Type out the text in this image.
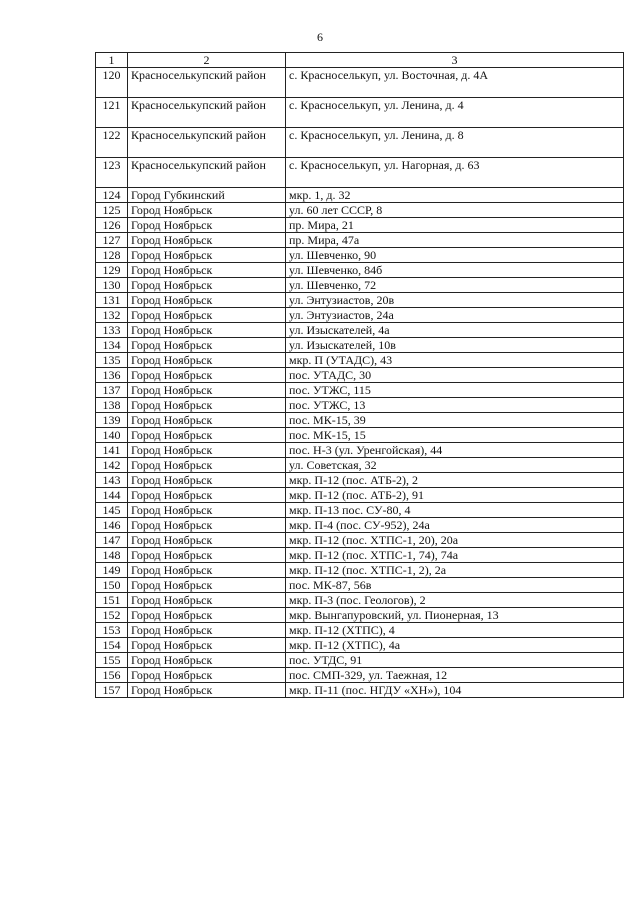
6
1	2	3
120	Красноселькупский район	с. Красноселькуп, ул. Восточная, д. 4А
121	Красноселькупский район	с. Красноселькуп, ул. Ленина, д. 4
122	Красноселькупский район	с. Красноселькуп, ул. Ленина, д. 8
123	Красноселькупский район	с. Красноселькуп, ул. Нагорная, д. 63
124	Город Губкинский	мкр. 1, д. 32
125	Город Ноябрьск	ул. 60 лет СССР, 8
126	Город Ноябрьск	пр. Мира, 21
127	Город Ноябрьск	пр. Мира, 47а
128	Город Ноябрьск	ул. Шевченко, 90
129	Город Ноябрьск	ул. Шевченко, 84б
130	Город Ноябрьск	ул. Шевченко, 72
131	Город Ноябрьск	ул. Энтузиастов, 20в
132	Город Ноябрьск	ул. Энтузиастов, 24а
133	Город Ноябрьск	ул. Изыскателей, 4а
134	Город Ноябрьск	ул. Изыскателей, 10в
135	Город Ноябрьск	мкр. П (УТАДС), 43
136	Город Ноябрьск	пос. УТАДС, 30
137	Город Ноябрьск	пос. УТЖС, 115
138	Город Ноябрьск	пос. УТЖС, 13
139	Город Ноябрьск	пос. МК-15, 39
140	Город Ноябрьск	пос. МК-15, 15
141	Город Ноябрьск	пос. Н-3 (ул. Уренгойская), 44
142	Город Ноябрьск	ул. Советская, 32
143	Город Ноябрьск	мкр. П-12 (пос. АТБ-2), 2
144	Город Ноябрьск	мкр. П-12 (пос. АТБ-2), 91
145	Город Ноябрьск	мкр. П-13 пос. СУ-80, 4
146	Город Ноябрьск	мкр. П-4 (пос. СУ-952), 24а
147	Город Ноябрьск	мкр. П-12 (пос. ХТПС-1, 20), 20а
148	Город Ноябрьск	мкр. П-12 (пос. ХТПС-1, 74), 74а
149	Город Ноябрьск	мкр. П-12 (пос. ХТПС-1, 2), 2а
150	Город Ноябрьск	пос. МК-87, 56в
151	Город Ноябрьск	мкр. П-3 (пос. Геологов), 2
152	Город Ноябрьск	мкр. Вынгапуровский, ул. Пионерная, 13
153	Город Ноябрьск	мкр. П-12 (ХТПС), 4
154	Город Ноябрьск	мкр. П-12 (ХТПС), 4а
155	Город Ноябрьск	пос. УТДС, 91
156	Город Ноябрьск	пос. СМП-329, ул. Таежная, 12
157	Город Ноябрьск	мкр. П-11 (пос. НГДУ «ХН»), 104
